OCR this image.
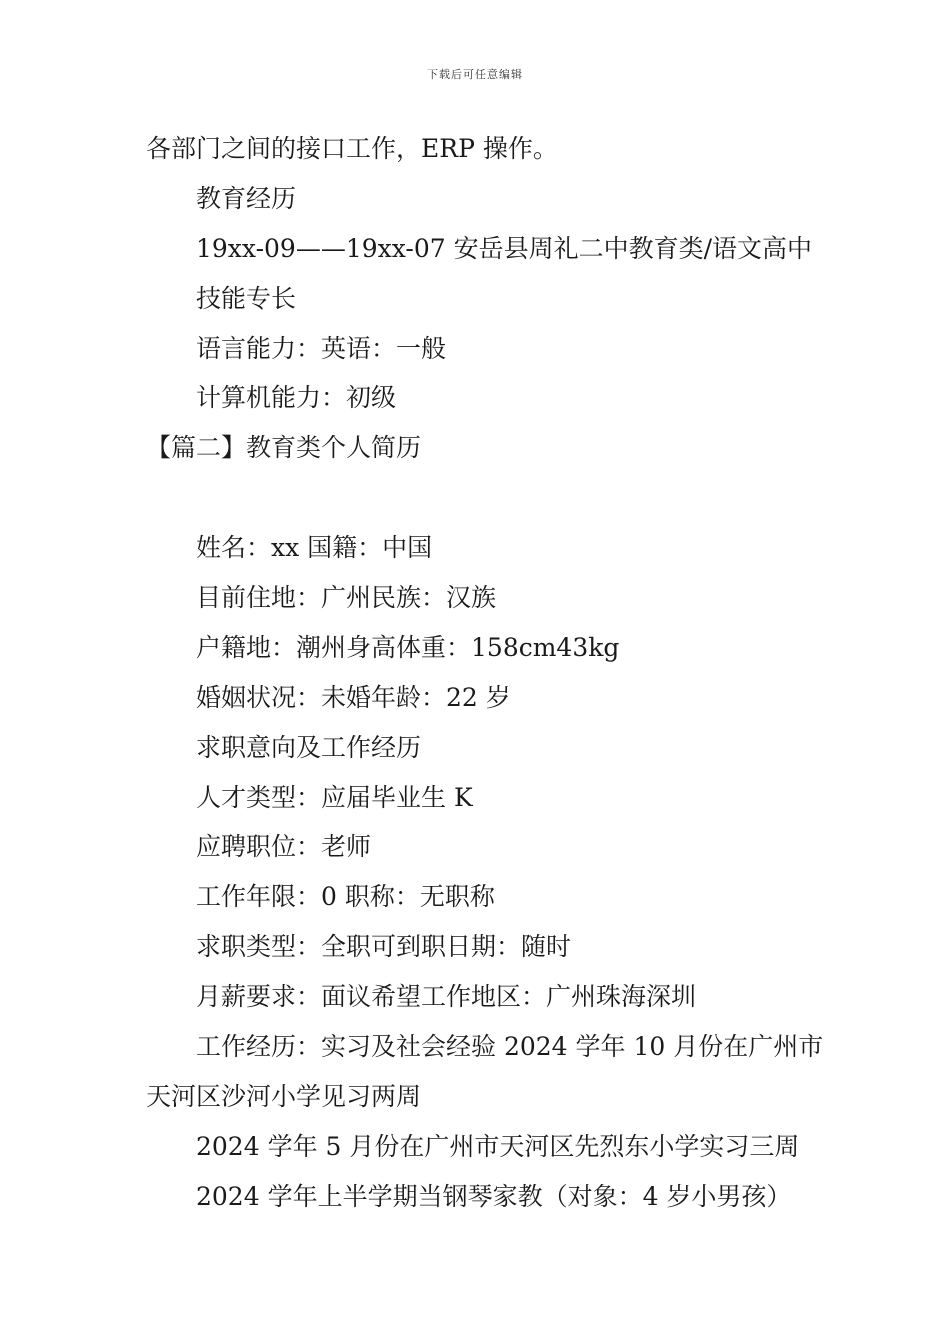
下载后可任意编辑
各部门之间的接口工作，ERP 操作。
教育经历
19xx-09——19xx-07 安岳县周礼二中教育类/语文高中
技能专长
语言能力：英语：一般
计算机能力：初级
【篇二】教育类个人简历
姓名：xx 国籍：中国
目前住地：广州民族：汉族
户籍地：潮州身高体重：158cm43kg
婚姻状况：未婚年龄：22 岁
求职意向及工作经历
人才类型：应届毕业生 K
应聘职位：老师
工作年限：0 职称：无职称
求职类型：全职可到职日期：随时
月薪要求：面议希望工作地区：广州珠海深圳
工作经历：实习及社会经验 2024 学年 10 月份在广州市
天河区沙河小学见习两周
2024 学年 5 月份在广州市天河区先烈东小学实习三周
2024 学年上半学期当钢琴家教（对象：4 岁小男孩）
